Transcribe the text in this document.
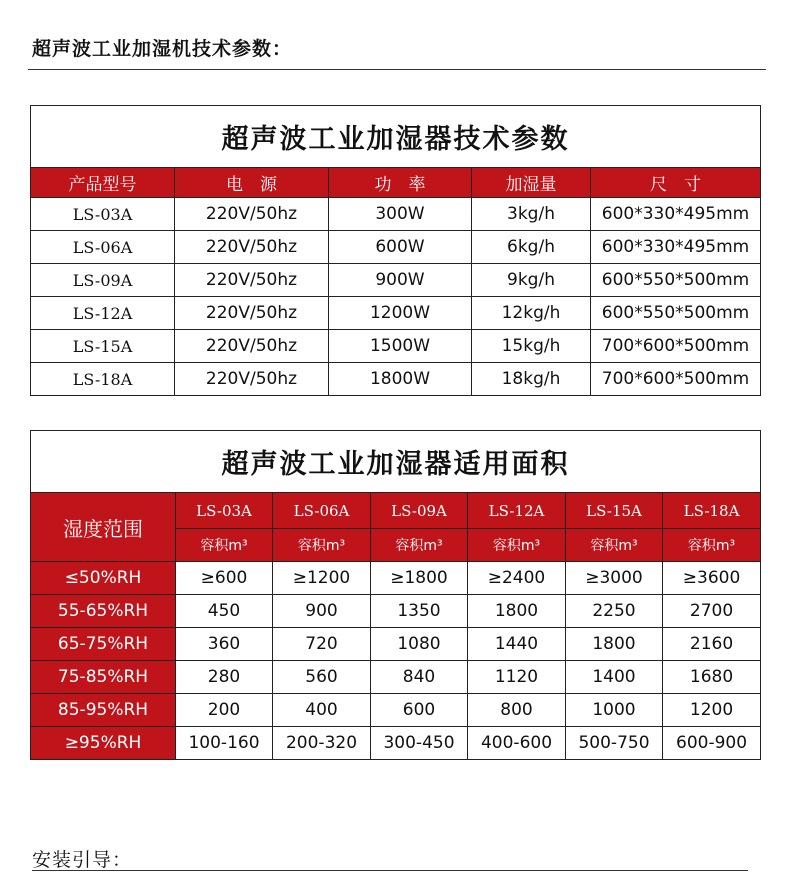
超声波工业加湿机技术参数：
超声波工业加湿器技术参数				
产品型号	电　源	功　率	加湿量	尺　寸
LS-03A	220V/50hz	300W	3kg/h	600*330*495mm
LS-06A	220V/50hz	600W	6kg/h	600*330*495mm
LS-09A	220V/50hz	900W	9kg/h	600*550*500mm
LS-12A	220V/50hz	1200W	12kg/h	600*550*500mm
LS-15A	220V/50hz	1500W	15kg/h	700*600*500mm
LS-18A	220V/50hz	1800W	18kg/h	700*600*500mm
超声波工业加湿器适用面积						
湿度范围	LS-03A	LS-06A	LS-09A	LS-12A	LS-15A	LS-18A
	容积m³	容积m³	容积m³	容积m³	容积m³	容积m³
≤50%RH	≥600	≥1200	≥1800	≥2400	≥3000	≥3600
55-65%RH	450	900	1350	1800	2250	2700
65-75%RH	360	720	1080	1440	1800	2160
75-85%RH	280	560	840	1120	1400	1680
85-95%RH	200	400	600	800	1000	1200
≥95%RH	100-160	200-320	300-450	400-600	500-750	600-900
安装引导：
